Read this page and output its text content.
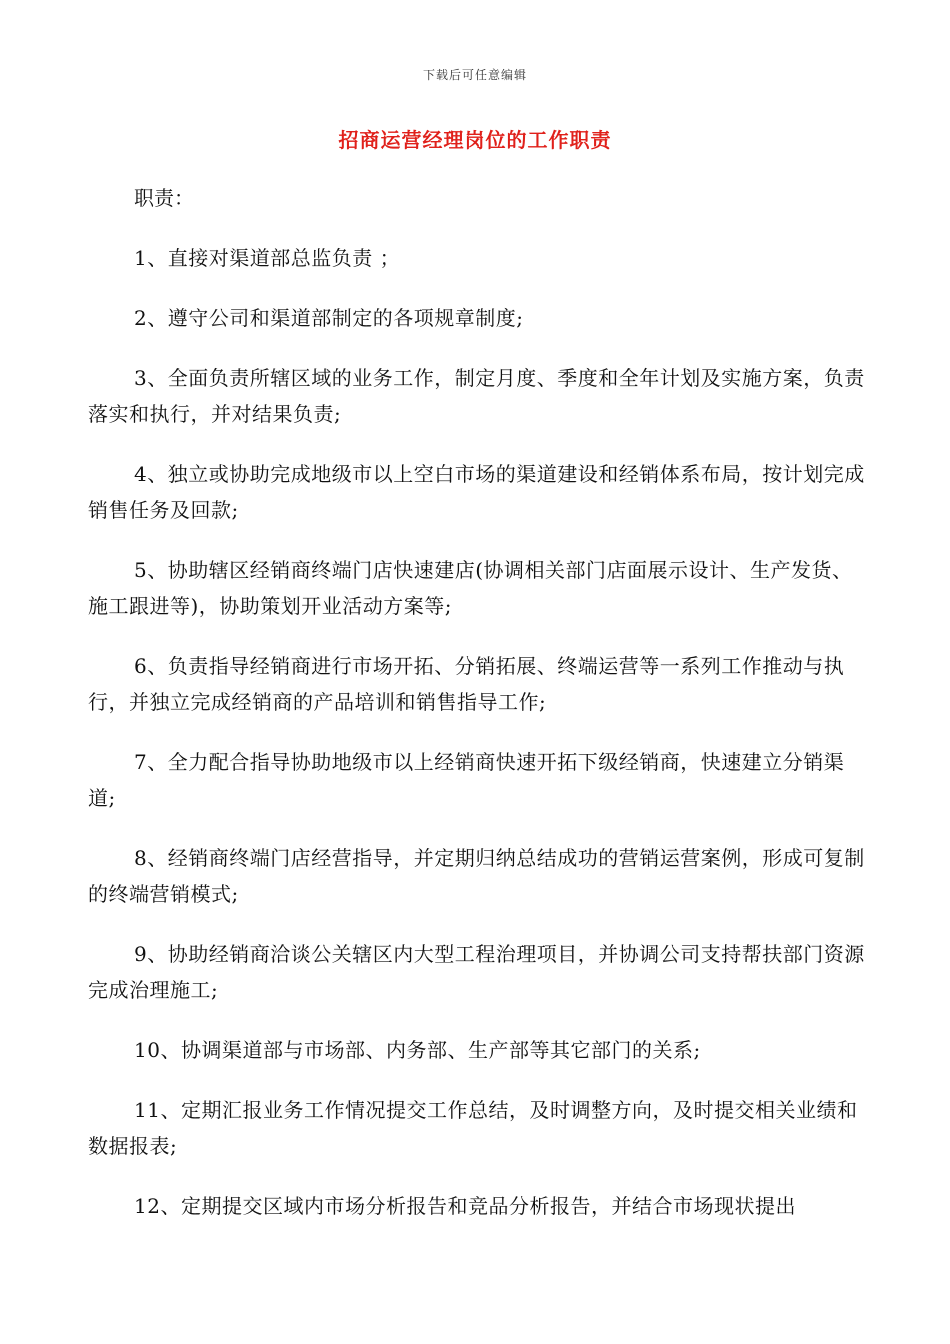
下载后可任意编辑
招商运营经理岗位的工作职责

职责：

1、直接对渠道部总监负责 ；

2、遵守公司和渠道部制定的各项规章制度;

3、全面负责所辖区域的业务工作，制定月度、季度和全年计划及实施方案，负责落实和执行，并对结果负责;

4、独立或协助完成地级市以上空白市场的渠道建设和经销体系布局，按计划完成销售任务及回款;

5、协助辖区经销商终端门店快速建店(协调相关部门店面展示设计、生产发货、施工跟进等)，协助策划开业活动方案等;

6、负责指导经销商进行市场开拓、分销拓展、终端运营等一系列工作推动与执行，并独立完成经销商的产品培训和销售指导工作;

7、全力配合指导协助地级市以上经销商快速开拓下级经销商，快速建立分销渠道;

8、经销商终端门店经营指导，并定期归纳总结成功的营销运营案例，形成可复制的终端营销模式;

9、协助经销商洽谈公关辖区内大型工程治理项目，并协调公司支持帮扶部门资源完成治理施工;

10、协调渠道部与市场部、内务部、生产部等其它部门的关系;

11、定期汇报业务工作情况提交工作总结，及时调整方向，及时提交相关业绩和数据报表;

12、定期提交区域内市场分析报告和竞品分析报告，并结合市场现状提出
